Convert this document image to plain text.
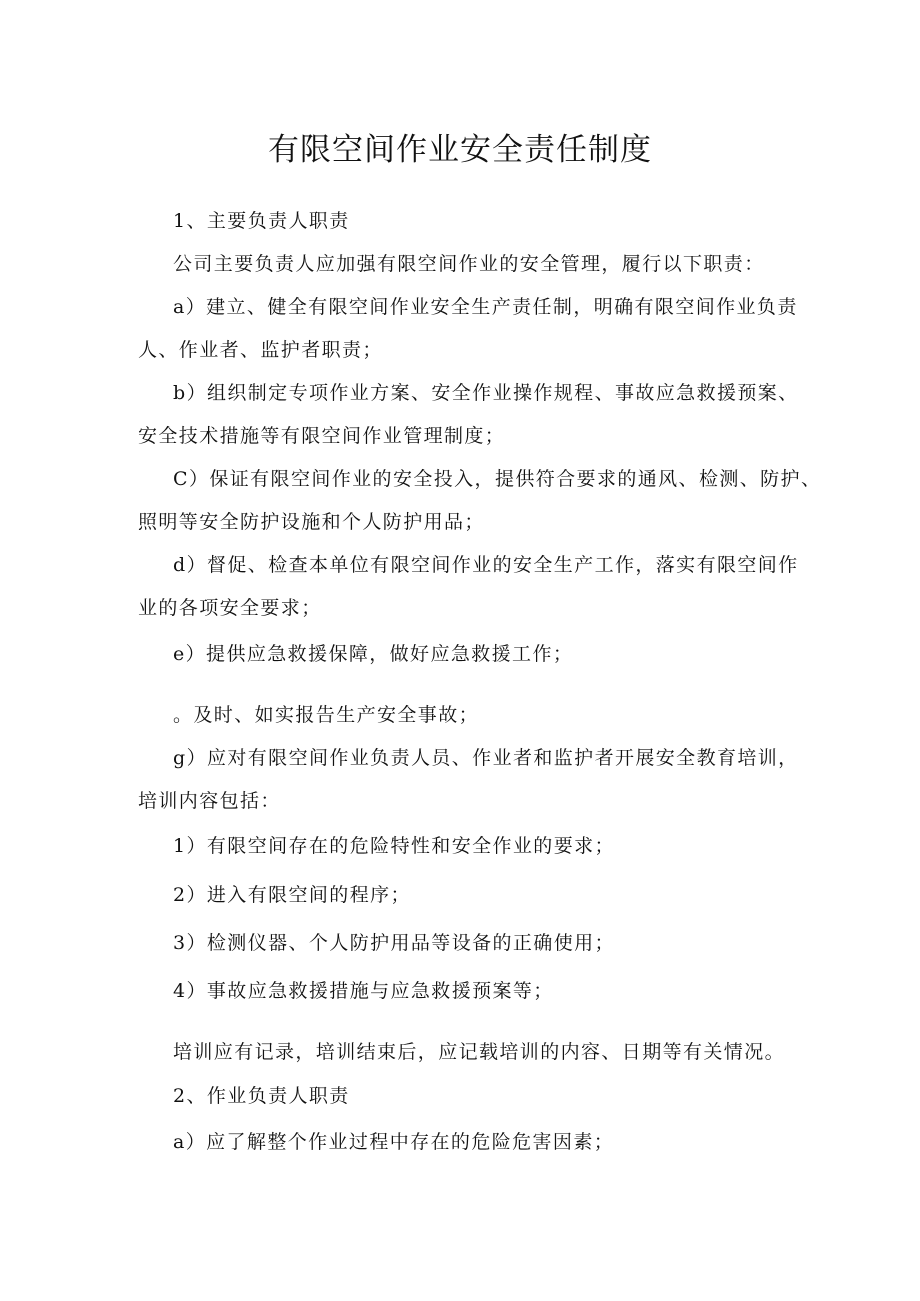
有限空间作业安全责任制度

1、主要负责人职责

公司主要负责人应加强有限空间作业的安全管理，履行以下职责：

a）建立、健全有限空间作业安全生产责任制，明确有限空间作业负责

人、作业者、监护者职责；

b）组织制定专项作业方案、安全作业操作规程、事故应急救援预案、

安全技术措施等有限空间作业管理制度；

C）保证有限空间作业的安全投入，提供符合要求的通风、检测、防护、

照明等安全防护设施和个人防护用品；

d）督促、检查本单位有限空间作业的安全生产工作，落实有限空间作

业的各项安全要求；

e）提供应急救援保障，做好应急救援工作；

。及时、如实报告生产安全事故；

g）应对有限空间作业负责人员、作业者和监护者开展安全教育培训，

培训内容包括：

1）有限空间存在的危险特性和安全作业的要求；

2）进入有限空间的程序；

3）检测仪器、个人防护用品等设备的正确使用；

4）事故应急救援措施与应急救援预案等；

培训应有记录，培训结束后，应记载培训的内容、日期等有关情况。

2、作业负责人职责

a）应了解整个作业过程中存在的危险危害因素；
